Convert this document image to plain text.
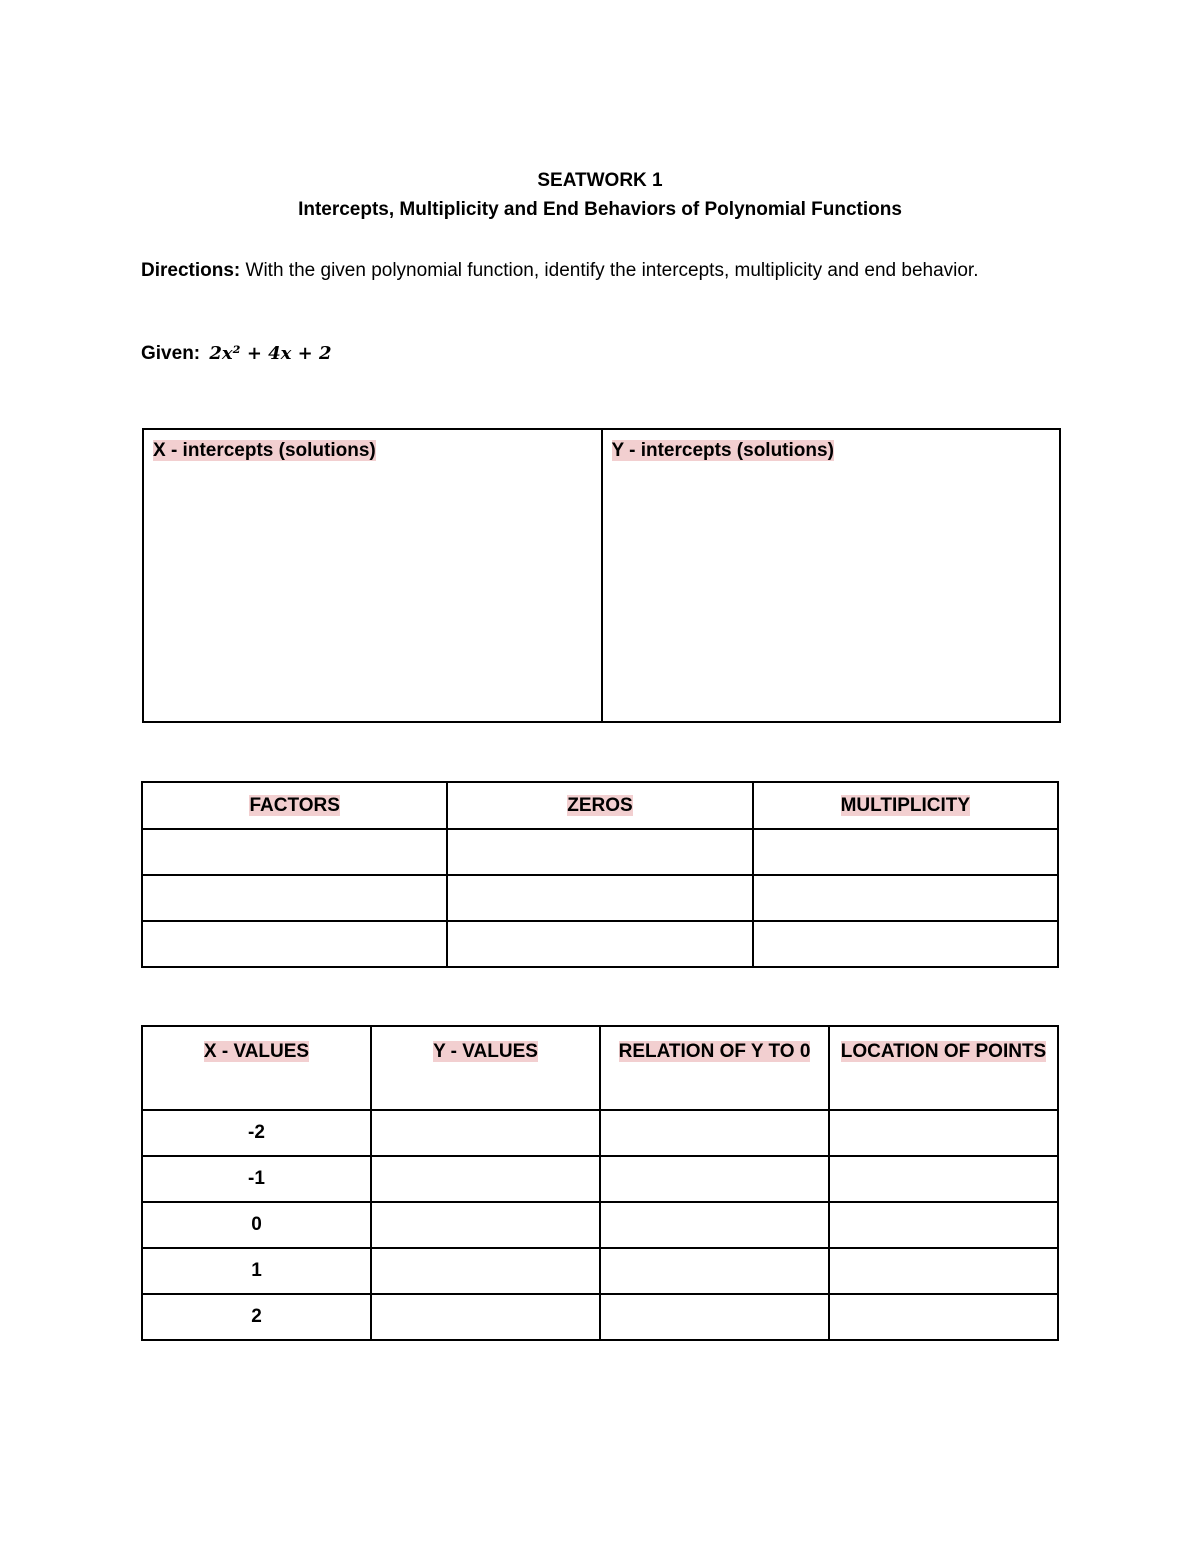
SEATWORK 1
Intercepts, Multiplicity and End Behaviors of Polynomial Functions
Directions: With the given polynomial function, identify the intercepts, multiplicity and end behavior.
Given: 2x² + 4x + 2
X - intercepts (solutions)	Y - intercepts (solutions)
FACTORS	ZEROS	MULTIPLICITY

X - VALUES	Y - VALUES	RELATION OF Y TO 0	LOCATION OF POINTS
-2			
-1			
0			
1			
2			
